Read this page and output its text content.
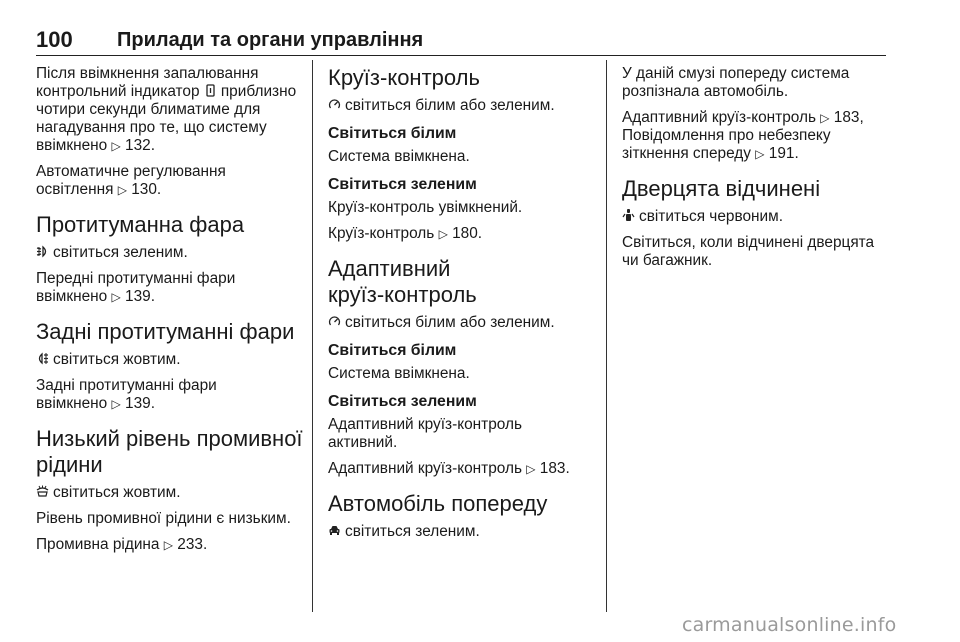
100 Прилади та органи управління

Після ввімкнення запалювання
контрольний індикатор приблизно
чотири секунди блиматиме для
нагадування про те, що систему
ввімкнено ▷ 132.

Автоматичне регулювання
освітлення ▷ 130.

Протитуманна фара

світиться зеленим.

Передні протитуманні фари
ввімкнено ▷ 139.

Задні протитуманні фари

світиться жовтим.

Задні протитуманні фари
ввімкнено ▷ 139.

Низький рівень промивної
рідини

світиться жовтим.

Рівень промивної рідини є низьким.

Промивна рідина ▷ 233.

Круїз-контроль

світиться білим або зеленим.

Світиться білим

Система ввімкнена.

Світиться зеленим

Круїз-контроль увімкнений.

Круїз-контроль ▷ 180.

Адаптивний
круїз-контроль

світиться білим або зеленим.

Світиться білим

Система ввімкнена.

Світиться зеленим

Адаптивний круїз-контроль
активний.

Адаптивний круїз-контроль ▷ 183.

Автомобіль попереду

світиться зеленим.

У даній смузі попереду система
розпізнала автомобіль.

Адаптивний круїз-контроль ▷ 183,
Повідомлення про небезпеку
зіткнення спереду ▷ 191.

Дверцята відчинені

світиться червоним.

Світиться, коли відчинені дверцята
чи багажник.

carmanualsonline.info
